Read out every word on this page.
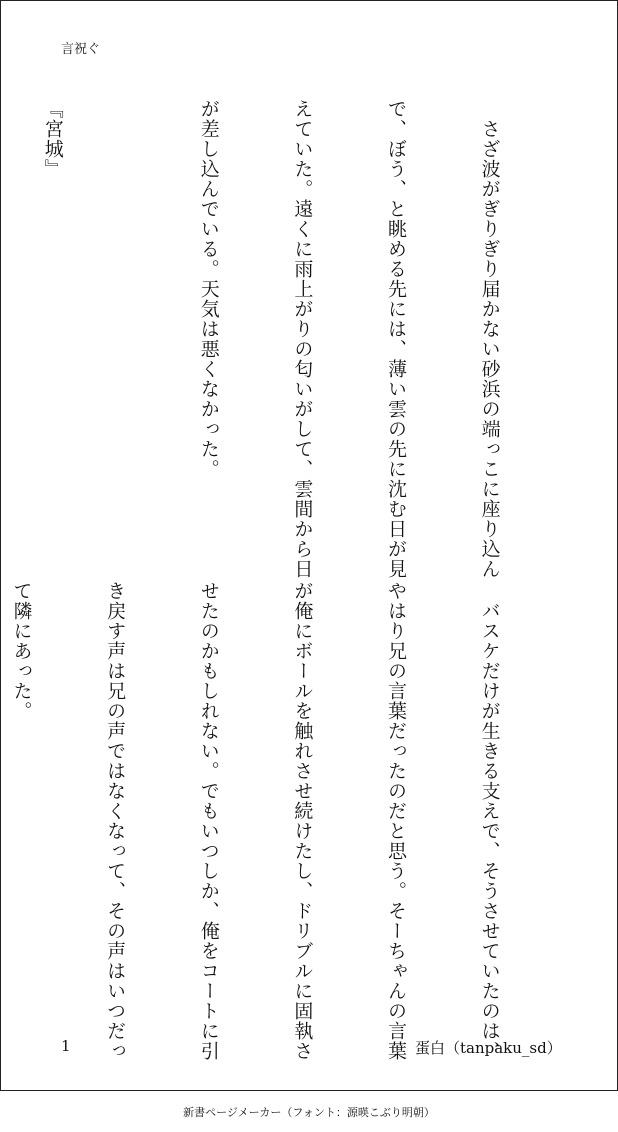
言祝ぐ

　さざ波がぎりぎり届かない砂浜の端っこに座り込ん

で、ぼう、と眺める先には、薄い雲の先に沈む日が見

えていた。遠くに雨上がりの匂いがして、雲間から日

が差し込んでいる。天気は悪くなかった。

『宮城』

　バスケだけが生きる支えで、そうさせていたのは、

やはり兄の言葉だったのだと思う。そーちゃんの言葉

が俺にボールを触れさせ続けたし、ドリブルに固執さ

せたのかもしれない。でもいつしか、俺をコートに引

き戻す声は兄の声ではなくなって、その声はいつだっ

て隣にあった。

1	蛋白（tanpaku_sd）
新書ページメーカー（フォント：源暎こぶり明朝）
